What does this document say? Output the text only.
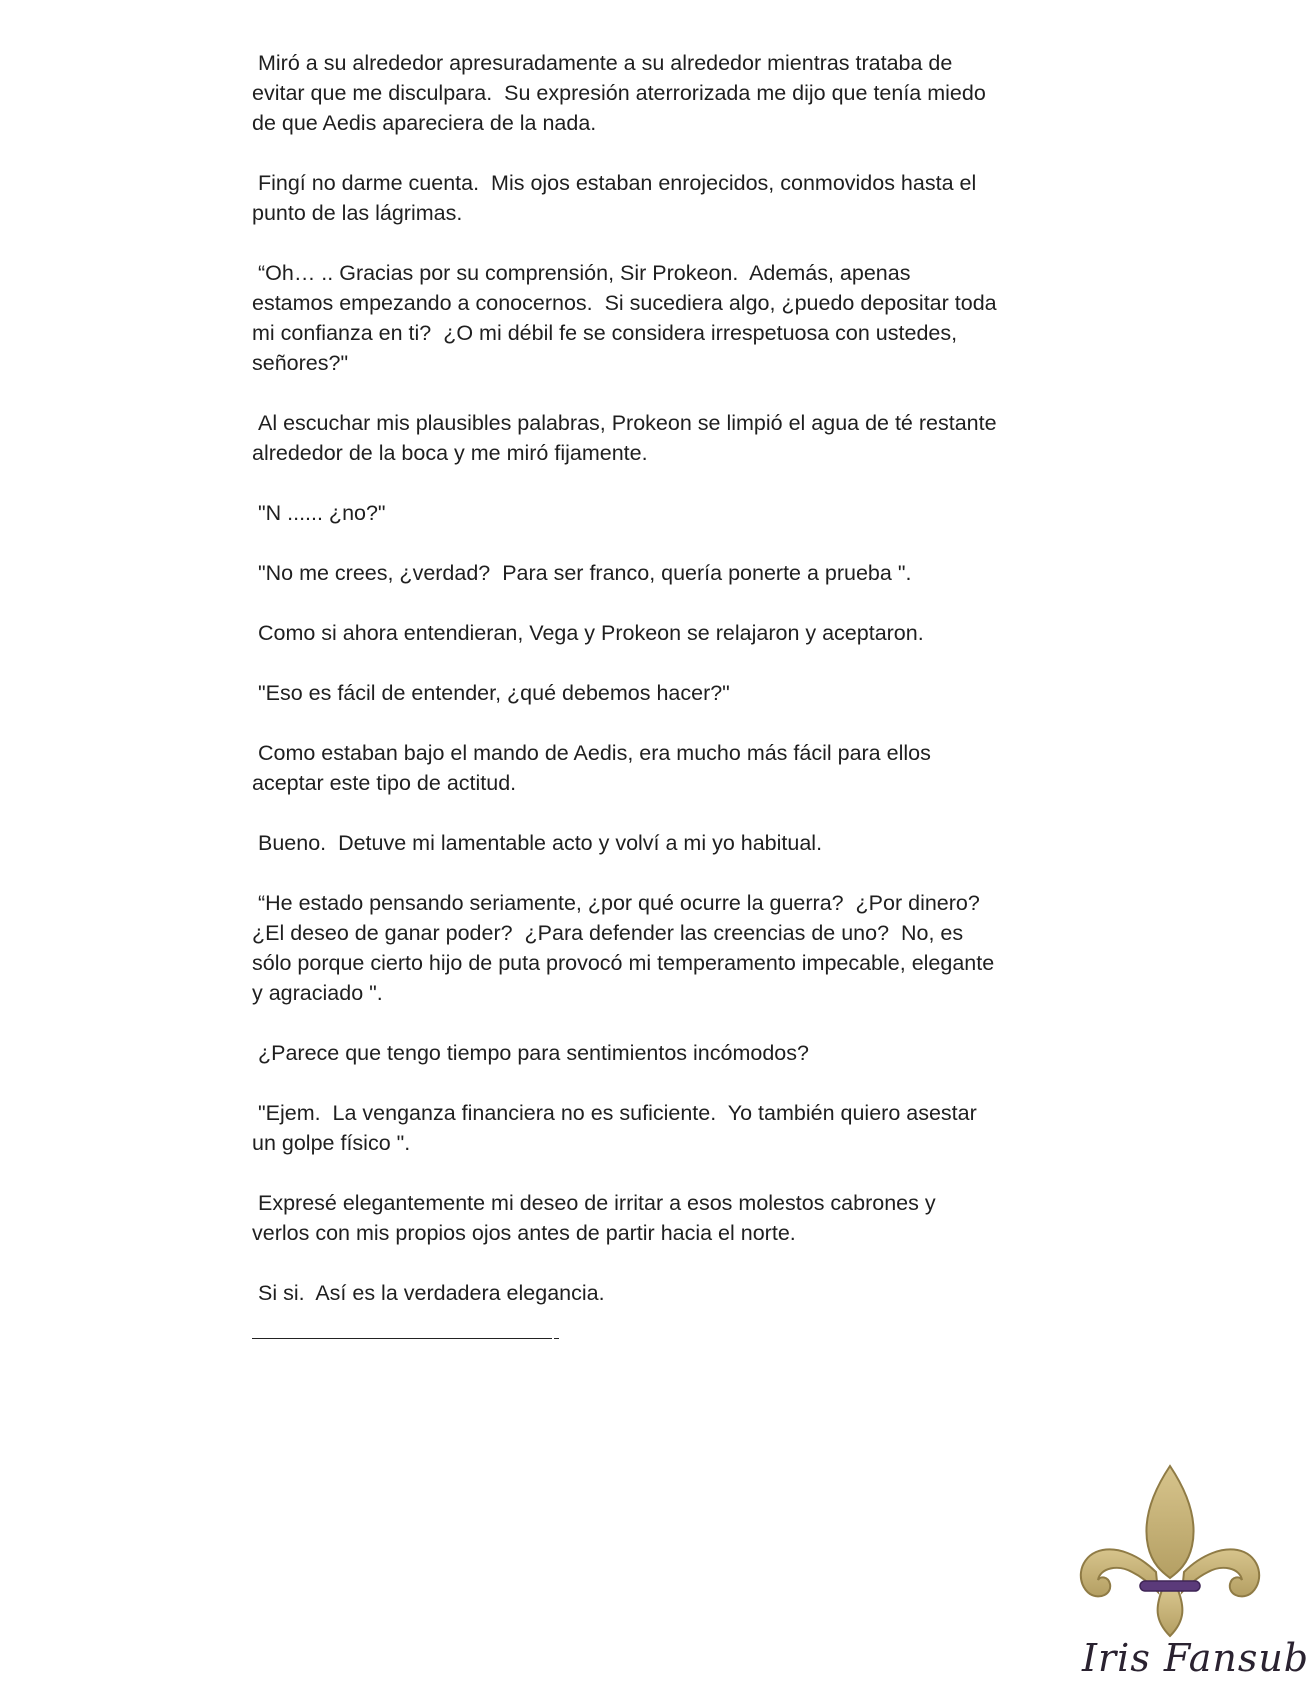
Miró a su alrededor apresuradamente a su alrededor mientras trataba de
evitar que me disculpara.  Su expresión aterrorizada me dijo que tenía miedo
de que Aedis apareciera de la nada.

Fingí no darme cuenta.  Mis ojos estaban enrojecidos, conmovidos hasta el
punto de las lágrimas.

“Oh… .. Gracias por su comprensión, Sir Prokeon.  Además, apenas
estamos empezando a conocernos.  Si sucediera algo, ¿puedo depositar toda
mi confianza en ti?  ¿O mi débil fe se considera irrespetuosa con ustedes,
señores?"

Al escuchar mis plausibles palabras, Prokeon se limpió el agua de té restante
alrededor de la boca y me miró fijamente.

"N ...... ¿no?"

"No me crees, ¿verdad?  Para ser franco, quería ponerte a prueba ".

Como si ahora entendieran, Vega y Prokeon se relajaron y aceptaron.

"Eso es fácil de entender, ¿qué debemos hacer?"

Como estaban bajo el mando de Aedis, era mucho más fácil para ellos
aceptar este tipo de actitud.

Bueno.  Detuve mi lamentable acto y volví a mi yo habitual.

“He estado pensando seriamente, ¿por qué ocurre la guerra?  ¿Por dinero?
¿El deseo de ganar poder?  ¿Para defender las creencias de uno?  No, es
sólo porque cierto hijo de puta provocó mi temperamento impecable, elegante
y agraciado ".

¿Parece que tengo tiempo para sentimientos incómodos?

"Ejem.  La venganza financiera no es suficiente.  Yo también quiero asestar
un golpe físico ".

Expresé elegantemente mi deseo de irritar a esos molestos cabrones y
verlos con mis propios ojos antes de partir hacia el norte.

Si si.  Así es la verdadera elegancia.

Iris Fansub
